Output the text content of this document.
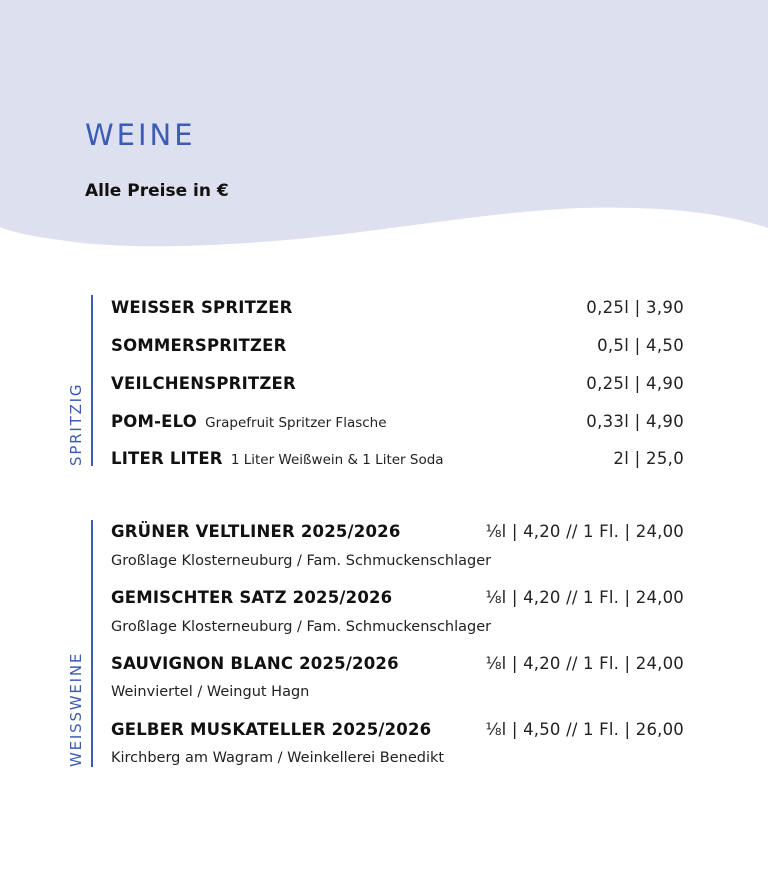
WEINE

Alle Preise in €

SPRITZIG
WEISSER SPRITZER	0,25l | 3,90
SOMMERSPRITZER	0,5l | 4,50
VEILCHENSPRITZER	0,25l | 4,90
POM-ELO Grapefruit Spritzer Flasche	0,33l | 4,90
LITER LITER 1 Liter Weißwein & 1 Liter Soda	2l | 25,0
WEISSWEINE
GRÜNER VELTLINER 2025/2026	⅛l | 4,20 // 1 Fl. | 24,00
Großlage Klosterneuburg / Fam. Schmuckenschlager
GEMISCHTER SATZ 2025/2026	⅛l | 4,20 // 1 Fl. | 24,00
Großlage Klosterneuburg / Fam. Schmuckenschlager
SAUVIGNON BLANC 2025/2026	⅛l | 4,20 // 1 Fl. | 24,00
Weinviertel / Weingut Hagn
GELBER MUSKATELLER 2025/2026	⅛l | 4,50 // 1 Fl. | 26,00
Kirchberg am Wagram / Weinkellerei Benedikt
